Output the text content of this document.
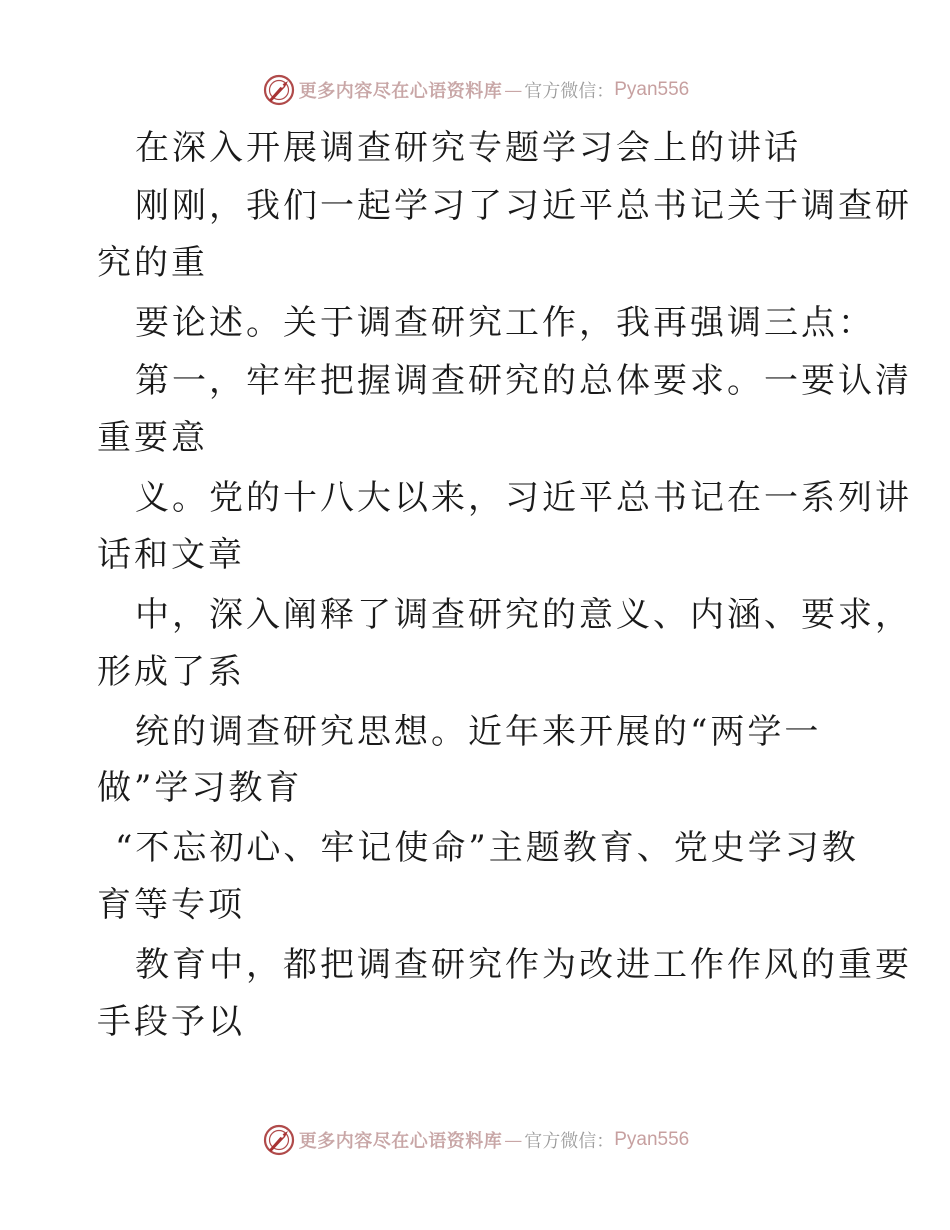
更多内容尽在心语资料库 — 官方微信： Pyan556
在深入开展调查研究专题学习会上的讲话
刚刚，我们一起学习了习近平总书记关于调查研
究的重
要论述。关于调查研究工作，我再强调三点：
第一，牢牢把握调查研究的总体要求。一要认清
重要意
义。党的十八大以来，习近平总书记在一系列讲
话和文章
中，深入阐释了调查研究的意义、内涵、要求，
形成了系
统的调查研究思想。近年来开展的“两学一
做”学习教育
“不忘初心、牢记使命”主题教育、党史学习教
育等专项
教育中，都把调查研究作为改进工作作风的重要
手段予以
更多内容尽在心语资料库 — 官方微信： Pyan556
